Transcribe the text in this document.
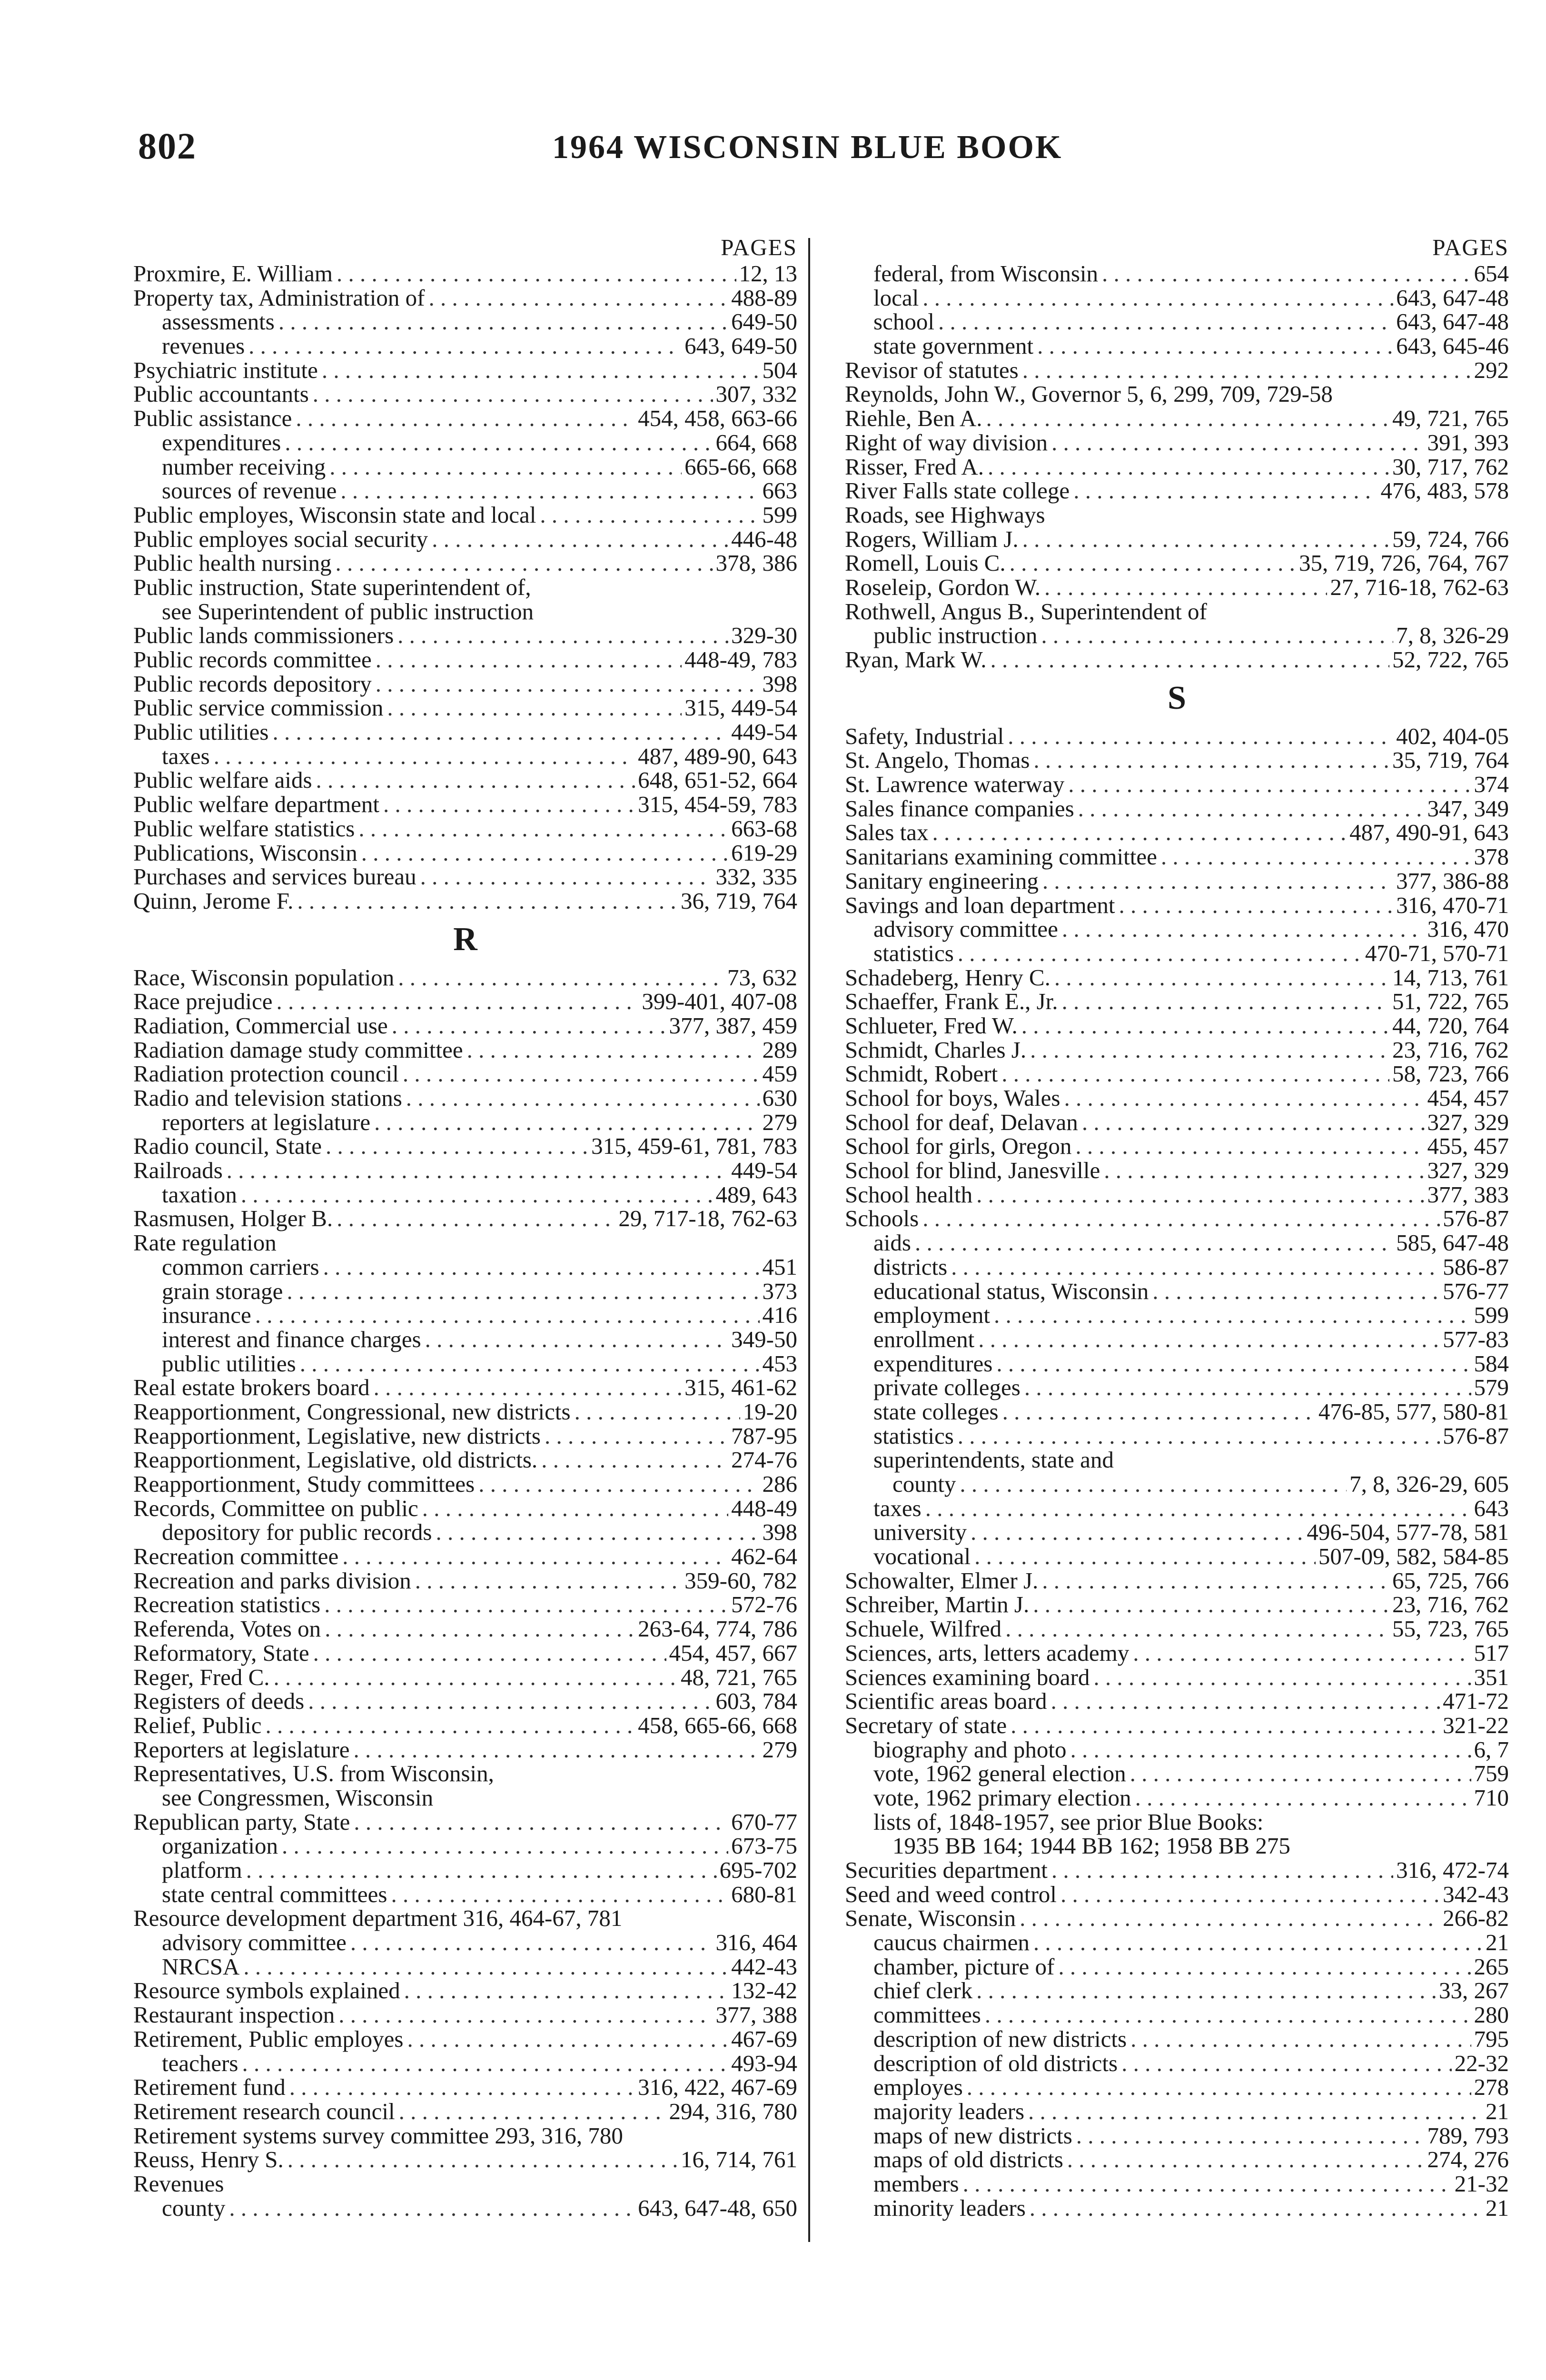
802	1964 WISCONSIN BLUE BOOK
PAGES
Proxmire, E. William . . .	12, 13
Property tax, Administration of . . .	488-89
assessments . . .	649-50
revenues . . .	643, 649-50
Psychiatric institute . . .	504
Public accountants . . .	307, 332
Public assistance . . .	454, 458, 663-66
expenditures . . .	664, 668
number receiving . . .	665-66, 668
sources of revenue . . .	663
Public employes, Wisconsin state and local . . .	599
Public employes social security . . .	446-48
Public health nursing . . .	378, 386
Public instruction, State superintendent of,
see Superintendent of public instruction
Public lands commissioners . . .	329-30
Public records committee . . .	448-49, 783
Public records depository . . .	398
Public service commission . . .	315, 449-54
Public utilities . . .	449-54
taxes . . .	487, 489-90, 643
Public welfare aids . . .	648, 651-52, 664
Public welfare department . . .	315, 454-59, 783
Public welfare statistics . . .	663-68
Publications, Wisconsin . . .	619-29
Purchases and services bureau . . .	332, 335
Quinn, Jerome F. . . .	36, 719, 764
R
Race, Wisconsin population . . .	73, 632
Race prejudice . . .	399-401, 407-08
Radiation, Commercial use . . .	377, 387, 459
Radiation damage study committee . . .	289
Radiation protection council . . .	459
Radio and television stations . . .	630
reporters at legislature . . .	279
Radio council, State . . .	315, 459-61, 781, 783
Railroads . . .	449-54
taxation . . .	489, 643
Rasmusen, Holger B. . . .	29, 717-18, 762-63
Rate regulation
common carriers . . .	451
grain storage . . .	373
insurance . . .	416
interest and finance charges . . .	349-50
public utilities . . .	453
Real estate brokers board . . .	315, 461-62
Reapportionment, Congressional, new districts . . .	19-20
Reapportionment, Legislative, new districts . . .	787-95
Reapportionment, Legislative, old districts. . . .	274-76
Reapportionment, Study committees . . .	286
Records, Committee on public . . .	448-49
depository for public records . . .	398
Recreation committee . . .	462-64
Recreation and parks division . . .	359-60, 782
Recreation statistics . . .	572-76
Referenda, Votes on . . .	263-64, 774, 786
Reformatory, State . . .	454, 457, 667
Reger, Fred C. . . .	48, 721, 765
Registers of deeds . . .	603, 784
Relief, Public . . .	458, 665-66, 668
Reporters at legislature . . .	279
Representatives, U.S. from Wisconsin,
see Congressmen, Wisconsin
Republican party, State . . .	670-77
organization . . .	673-75
platform . . .	695-702
state central committees . . .	680-81
Resource development department 316, 464-67, 781
advisory committee . . .	316, 464
NRCSA . . .	442-43
Resource symbols explained . . .	132-42
Restaurant inspection . . .	377, 388
Retirement, Public employes . . .	467-69
teachers . . .	493-94
Retirement fund . . .	316, 422, 467-69
Retirement research council . . .	294, 316, 780
Retirement systems survey committee 293, 316, 780
Reuss, Henry S. . . .	16, 714, 761
Revenues
county . . .	643, 647-48, 650
PAGES
federal, from Wisconsin . . .	654
local . . .	643, 647-48
school . . .	643, 647-48
state government . . .	643, 645-46
Revisor of statutes . . .	292
Reynolds, John W., Governor 5, 6, 299, 709, 729-58
Riehle, Ben A. . . .	49, 721, 765
Right of way division . . .	391, 393
Risser, Fred A. . . .	30, 717, 762
River Falls state college . . .	476, 483, 578
Roads, see Highways
Rogers, William J. . . .	59, 724, 766
Romell, Louis C. . . .	35, 719, 726, 764, 767
Roseleip, Gordon W. . . .	27, 716-18, 762-63
Rothwell, Angus B., Superintendent of
public instruction . . .	7, 8, 326-29
Ryan, Mark W. . . .	52, 722, 765
S
Safety, Industrial . . .	402, 404-05
St. Angelo, Thomas . . .	35, 719, 764
St. Lawrence waterway . . .	374
Sales finance companies . . .	347, 349
Sales tax . . .	487, 490-91, 643
Sanitarians examining committee . . .	378
Sanitary engineering . . .	377, 386-88
Savings and loan department . . .	316, 470-71
advisory committee . . .	316, 470
statistics . . .	470-71, 570-71
Schadeberg, Henry C. . . .	14, 713, 761
Schaeffer, Frank E., Jr. . . .	51, 722, 765
Schlueter, Fred W. . . .	44, 720, 764
Schmidt, Charles J. . . .	23, 716, 762
Schmidt, Robert . . .	58, 723, 766
School for boys, Wales . . .	454, 457
School for deaf, Delavan . . .	327, 329
School for girls, Oregon . . .	455, 457
School for blind, Janesville . . .	327, 329
School health . . .	377, 383
Schools . . .	576-87
aids . . .	585, 647-48
districts . . .	586-87
educational status, Wisconsin . . .	576-77
employment . . .	599
enrollment . . .	577-83
expenditures . . .	584
private colleges . . .	579
state colleges . . .	476-85, 577, 580-81
statistics . . .	576-87
superintendents, state and
county . . .	7, 8, 326-29, 605
taxes . . .	643
university . . .	496-504, 577-78, 581
vocational . . .	507-09, 582, 584-85
Schowalter, Elmer J. . . .	65, 725, 766
Schreiber, Martin J. . . .	23, 716, 762
Schuele, Wilfred . . .	55, 723, 765
Sciences, arts, letters academy . . .	517
Sciences examining board . . .	351
Scientific areas board . . .	471-72
Secretary of state . . .	321-22
biography and photo . . .	6, 7
vote, 1962 general election . . .	759
vote, 1962 primary election . . .	710
lists of, 1848-1957, see prior Blue Books:
1935 BB 164; 1944 BB 162; 1958 BB 275
Securities department . . .	316, 472-74
Seed and weed control . . .	342-43
Senate, Wisconsin . . .	266-82
caucus chairmen . . .	21
chamber, picture of . . .	265
chief clerk . . .	33, 267
committees . . .	280
description of new districts . . .	795
description of old districts . . .	22-32
employes . . .	278
majority leaders . . .	21
maps of new districts . . .	789, 793
maps of old districts . . .	274, 276
members . . .	21-32
minority leaders . . .	21
